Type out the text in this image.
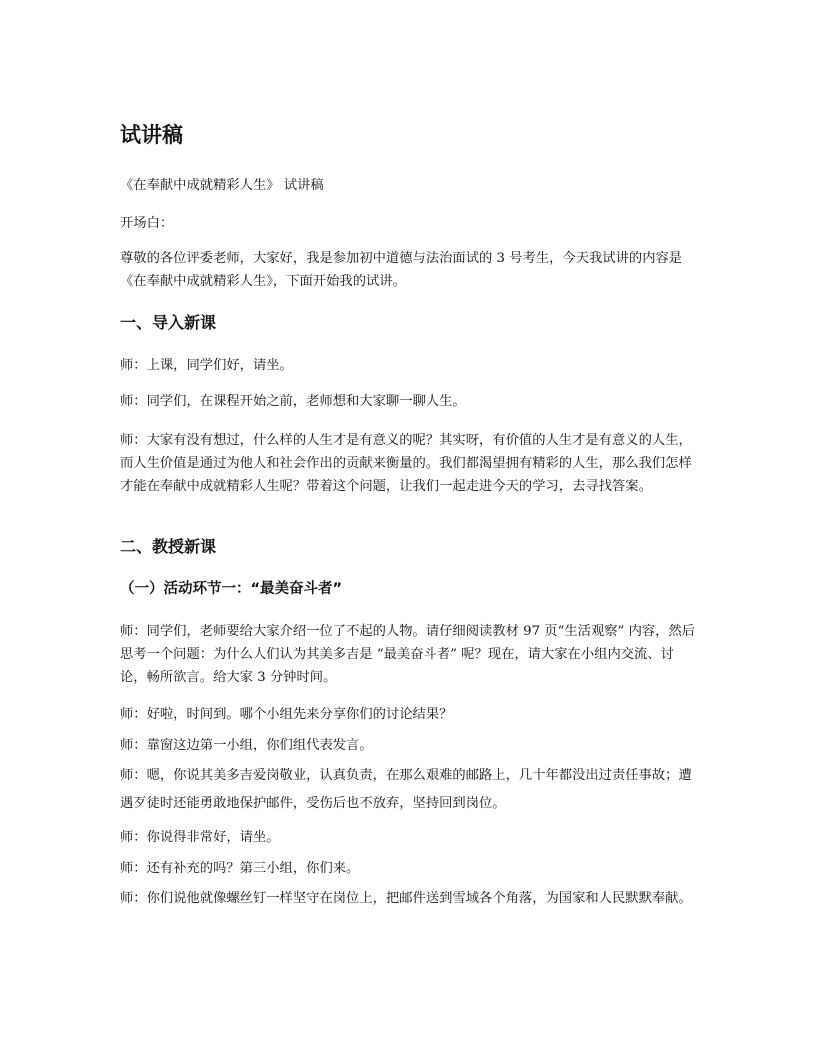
试讲稿

《在奉献中成就精彩人生》 试讲稿

开场白：

尊敬的各位评委老师，大家好，我是参加初中道德与法治面试的 3 号考生，今天我试讲的内容是《在奉献中成就精彩人生》，下面开始我的试讲。

一、导入新课

师：上课，同学们好，请坐。

师：同学们，在课程开始之前，老师想和大家聊一聊人生。

师：大家有没有想过，什么样的人生才是有意义的呢？其实呀，有价值的人生才是有意义的人生，而人生价值是通过为他人和社会作出的贡献来衡量的。我们都渴望拥有精彩的人生，那么我们怎样才能在奉献中成就精彩人生呢？带着这个问题，让我们一起走进今天的学习，去寻找答案。

二、教授新课
（一）活动环节一：“最美奋斗者”

师：同学们，老师要给大家介绍一位了不起的人物。请仔细阅读教材 97 页“生活观察” 内容，然后思考一个问题：为什么人们认为其美多吉是 “最美奋斗者” 呢？现在，请大家在小组内交流、讨论，畅所欲言。给大家 3 分钟时间。

师：好啦，时间到。哪个小组先来分享你们的讨论结果？

师：靠窗这边第一小组，你们组代表发言。

师：嗯，你说其美多吉爱岗敬业，认真负责，在那么艰难的邮路上，几十年都没出过责任事故；遭遇歹徒时还能勇敢地保护邮件，受伤后也不放弃，坚持回到岗位。

师：你说得非常好，请坐。

师：还有补充的吗？第三小组，你们来。

师：你们说他就像螺丝钉一样坚守在岗位上，把邮件送到雪域各个角落，为国家和人民默默奉献。
